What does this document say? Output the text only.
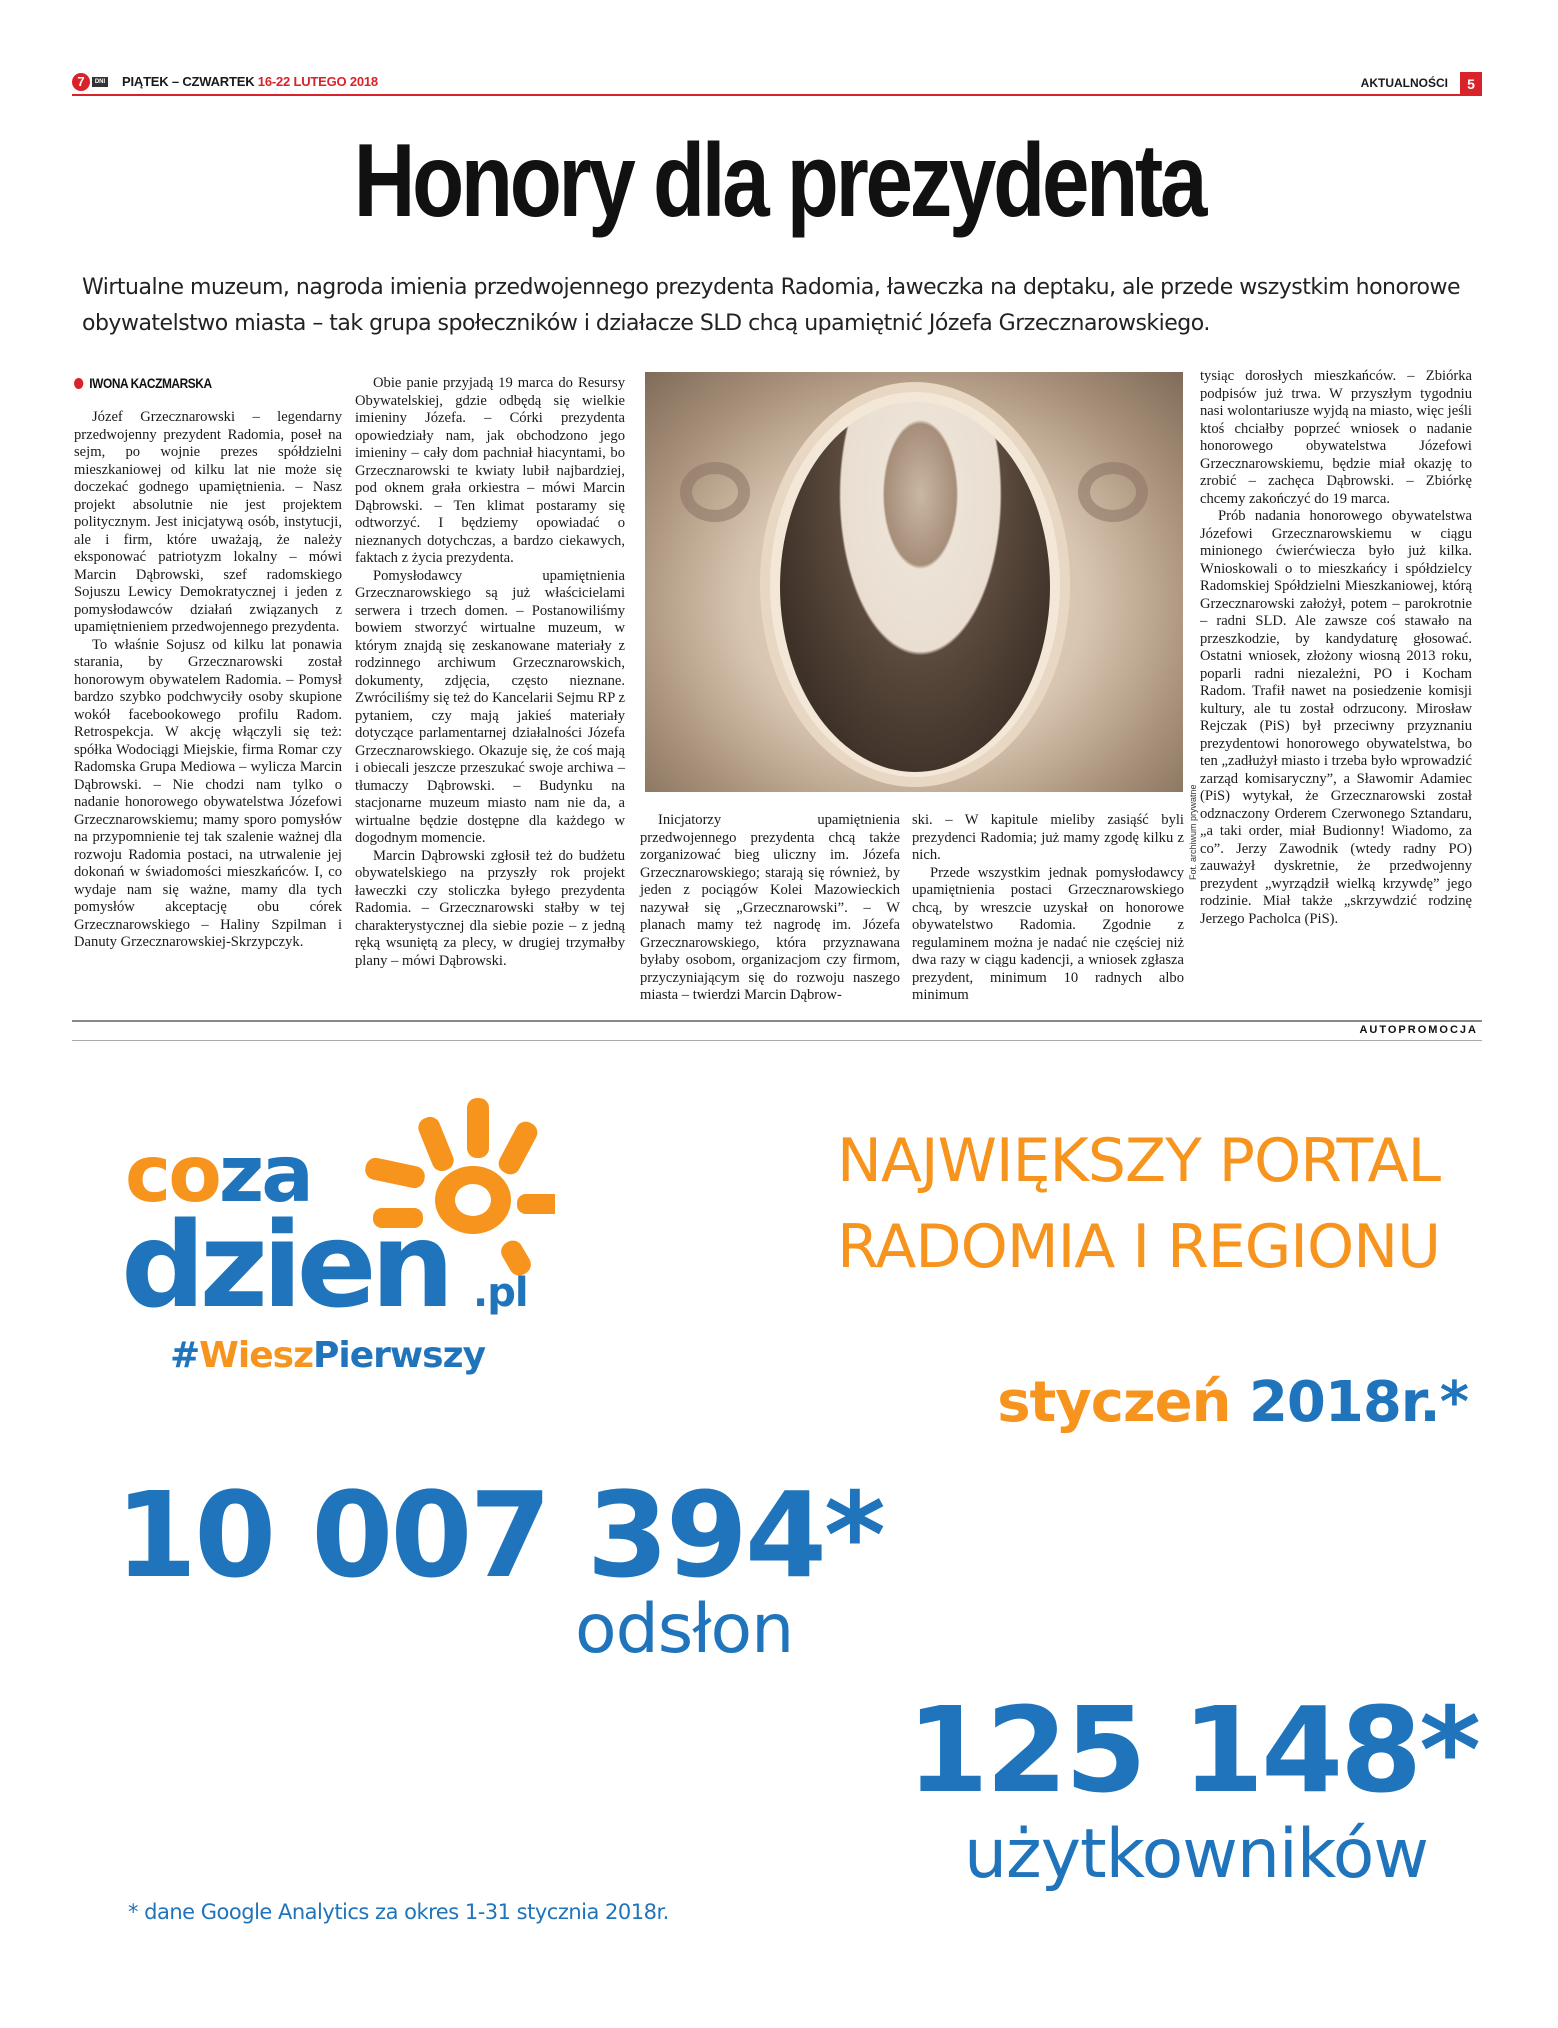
7	DNI PIĄTEK – CZWARTEK 16-22 LUTEGO 2018	AKTUALNOŚCI	5
Honory dla prezydenta

Wirtualne muzeum, nagroda imienia przedwojennego prezydenta Radomia, ławeczka na deptaku, ale przede wszystkim honorowe obywatelstwo miasta – tak grupa społeczników i działacze SLD chcą upamiętnić Józefa Grzecznarowskiego.

IWONA KACZMARSKA

Józef Grzecznarowski – legendarny przedwojenny prezydent Radomia, poseł na sejm, po wojnie prezes spółdzielni mieszkaniowej od kilku lat nie może się doczekać godnego upamiętnienia. – Nasz projekt absolutnie nie jest projektem politycznym. Jest inicjatywą osób, instytucji, ale i firm, które uważają, że należy eksponować patriotyzm lokalny – mówi Marcin Dąbrowski, szef radomskiego Sojuszu Lewicy Demokratycznej i jeden z pomysłodawców działań związanych z upamiętnieniem przedwojennego prezydenta.

To właśnie Sojusz od kilku lat ponawia starania, by Grzecznarowski został honorowym obywatelem Radomia. – Pomysł bardzo szybko podchwyciły osoby skupione wokół facebookowego profilu Radom. Retrospekcja. W akcję włączyli się też: spółka Wodociągi Miejskie, firma Romar czy Radomska Grupa Mediowa – wylicza Marcin Dąbrowski. – Nie chodzi nam tylko o nadanie honorowego obywatelstwa Józefowi Grzecznarowskiemu; mamy sporo pomysłów na przypomnienie tej tak szalenie ważnej dla rozwoju Radomia postaci, na utrwalenie jej dokonań w świadomości mieszkańców. I, co wydaje nam się ważne, mamy dla tych pomysłów akceptację obu córek Grzecznarowskiego – Haliny Szpilman i Danuty Grzecznarowskiej-Skrzypczyk.

Obie panie przyjadą 19 marca do Resursy Obywatelskiej, gdzie odbędą się wielkie imieniny Józefa. – Córki prezydenta opowiedziały nam, jak obchodzono jego imieniny – cały dom pachniał hiacyntami, bo Grzecznarowski te kwiaty lubił najbardziej, pod oknem grała orkiestra – mówi Marcin Dąbrowski. – Ten klimat postaramy się odtworzyć. I będziemy opowiadać o nieznanych dotychczas, a bardzo ciekawych, faktach z życia prezydenta.

Pomysłodawcy upamiętnienia Grzecznarowskiego są już właścicielami serwera i trzech domen. – Postanowiliśmy bowiem stworzyć wirtualne muzeum, w którym znajdą się zeskanowane materiały z rodzinnego archiwum Grzecznarowskich, dokumenty, zdjęcia, często nieznane. Zwróciliśmy się też do Kancelarii Sejmu RP z pytaniem, czy mają jakieś materiały dotyczące parlamentarnej działalności Józefa Grzecznarowskiego. Okazuje się, że coś mają i obiecali jeszcze przeszukać swoje archiwa – tłumaczy Dąbrowski. – Budynku na stacjonarne muzeum miasto nam nie da, a wirtualne będzie dostępne dla każdego w dogodnym momencie.

Marcin Dąbrowski zgłosił też do budżetu obywatelskiego na przyszły rok projekt ławeczki czy stoliczka byłego prezydenta Radomia. – Grzecznarowski stałby w tej charakterystycznej dla siebie pozie – z jedną ręką wsuniętą za plecy, w drugiej trzymałby plany – mówi Dąbrowski.

Fot. archiwum prywatne

Inicjatorzy upamiętnienia przedwojennego prezydenta chcą także zorganizować bieg uliczny im. Józefa Grzecznarowskiego; starają się również, by jeden z pociągów Kolei Mazowieckich nazywał się „Grzecznarowski”. – W planach mamy też nagrodę im. Józefa Grzecznarowskiego, która przyznawana byłaby osobom, organizacjom czy firmom, przyczyniającym się do rozwoju naszego miasta – twierdzi Marcin Dąbrow-

ski. – W kapitule mieliby zasiąść byli prezydenci Radomia; już mamy zgodę kilku z nich.

Przede wszystkim jednak pomysłodawcy upamiętnienia postaci Grzecznarowskiego chcą, by wreszcie uzyskał on honorowe obywatelstwo Radomia. Zgodnie z regulaminem można je nadać nie częściej niż dwa razy w ciągu kadencji, a wniosek zgłasza prezydent, minimum 10 radnych albo minimum

tysiąc dorosłych mieszkańców. – Zbiórka podpisów już trwa. W przyszłym tygodniu nasi wolontariusze wyjdą na miasto, więc jeśli ktoś chciałby poprzeć wniosek o nadanie honorowego obywatelstwa Józefowi Grzecznarowskiemu, będzie miał okazję to zrobić – zachęca Dąbrowski. – Zbiórkę chcemy zakończyć do 19 marca.

Prób nadania honorowego obywatelstwa Józefowi Grzecznarowskiemu w ciągu minionego ćwierćwiecza było już kilka. Wnioskowali o to mieszkańcy i spółdzielcy Radomskiej Spółdzielni Mieszkaniowej, którą Grzecznarowski założył, potem – parokrotnie – radni SLD. Ale zawsze coś stawało na przeszkodzie, by kandydaturę głosować. Ostatni wniosek, złożony wiosną 2013 roku, poparli radni niezależni, PO i Kocham Radom. Trafił nawet na posiedzenie komisji kultury, ale tu został odrzucony. Mirosław Rejczak (PiS) był przeciwny przyznaniu prezydentowi honorowego obywatelstwa, bo ten „zadłużył miasto i trzeba było wprowadzić zarząd komisaryczny”, a Sławomir Adamiec (PiS) wytykał, że Grzecznarowski został odznaczony Orderem Czerwonego Sztandaru, „a taki order, miał Budionny! Wiadomo, za co”. Jerzy Zawodnik (wtedy radny PO) zauważył dyskretnie, że przedwojenny prezydent „wyrządził wielką krzywdę” jego rodzinie. Miał także „skrzywdzić rodzinę Jerzego Pacholca (PiS).

AUTOPROMOCJA
coza
dzien .pl
#WieszPierwszy
NAJWIĘKSZY PORTAL
RADOMIA I REGIONU
styczeń 2018r.*
10 007 394*
odsłon
125 148*
użytkowników
* dane Google Analytics za okres 1-31 stycznia 2018r.
